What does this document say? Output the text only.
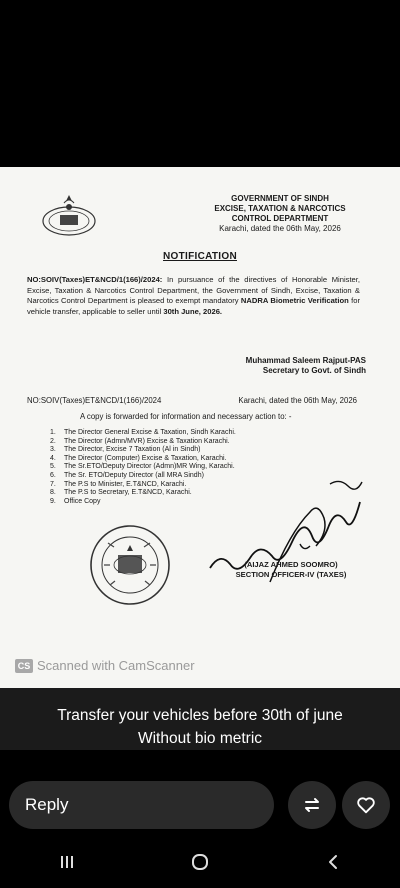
GOVERNMENT OF SINDH
EXCISE, TAXATION & NARCOTICS
CONTROL DEPARTMENT
Karachi, dated the 06th May, 2026
NOTIFICATION
NO:SOIV(Taxes)ET&NCD/1(166)/2024: In pursuance of the directives of Honorable Minister, Excise, Taxation & Narcotics Control Department, the Government of Sindh, Excise, Taxation & Narcotics Control Department is pleased to exempt mandatory NADRA Biometric Verification for vehicle transfer, applicable to seller until 30th June, 2026.
Muhammad Saleem Rajput-PAS
Secretary to Govt. of Sindh
NO:SOIV(Taxes)ET&NCD/1(166)/2024	Karachi, dated the 06th May, 2026
A copy is forwarded for information and necessary action to: -
1. The Director General Excise & Taxation, Sindh Karachi.
2. The Director (Admn/MVR) Excise & Taxation Karachi.
3. The Director, Excise 7 Taxation (Al in Sindh)
4. The Director (Computer) Excise & Taxation, Karachi.
5. The Sr.ETO/Deputy Director (Admn)MR Wing, Karachi.
6. The Sr. ETO/Deputy Director (all MRA Sindh)
7. The P.S to Minister, E.T&NCD, Karachi.
8. The P.S to Secretary, E.T&NCD, Karachi.
9. Office Copy
(AIJAZ AHMED SOOMRO)
SECTION OFFICER-IV (TAXES)
CS Scanned with CamScanner
Transfer your vehicles before 30th of june
Without bio metric
Reply
